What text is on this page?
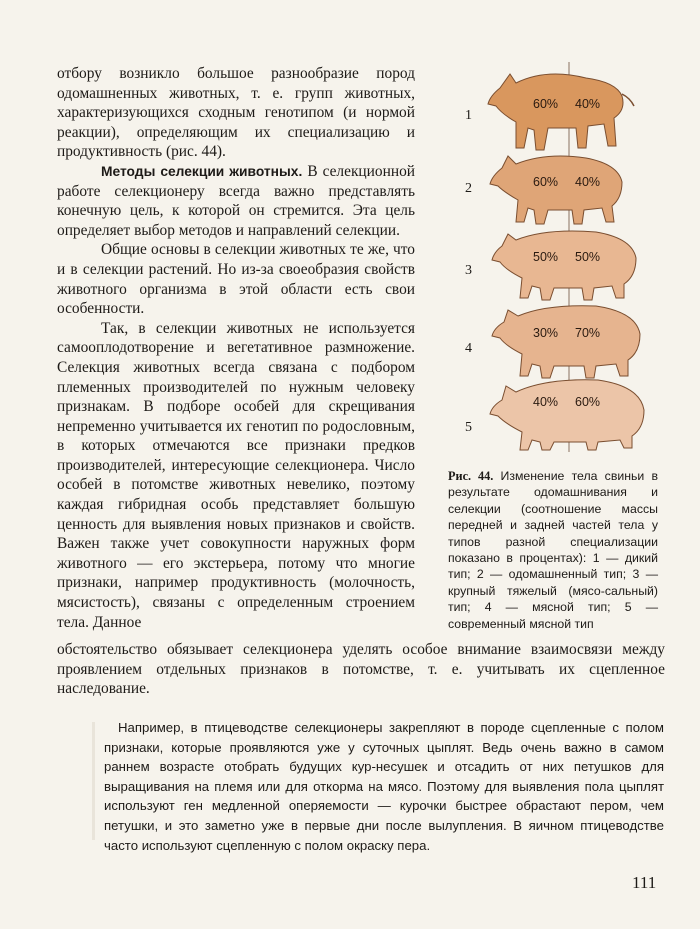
отбору возникло большое разнообразие пород одомашненных животных, т. е. групп животных, характеризующихся сходным генотипом (и нормой реакции), определяющим их специализацию и продуктивность (рис. 44).

Методы селекции животных. В селекционной работе селекционеру всегда важно представлять конечную цель, к которой он стремится. Эта цель определяет выбор методов и направлений селекции.

Общие основы в селекции животных те же, что и в селекции растений. Но из-за своеобразия свойств животного организма в этой области есть свои особенности.

Так, в селекции животных не используется самооплодотворение и вегетативное размножение. Селекция животных всегда связана с подбором племенных производителей по нужным человеку признакам. В подборе особей для скрещивания непременно учитывается их генотип по родословным, в которых отмечаются все признаки предков производителей, интересующие селекционера. Число особей в потомстве животных невелико, поэтому каждая гибридная особь представляет большую ценность для выявления новых признаков и свойств. Важен также учет совокупности наружных форм животного — его экстерьера, потому что многие признаки, например продуктивность (молочность, мясистость), связаны с определенным строением тела. Данное

60% 40%
60% 40%
50% 50%
30% 70%
40% 60%
1
2
3
4
5
Рис. 44. Изменение тела свиньи в результате одомашнивания и селекции (соотношение массы передней и задней частей тела у типов разной специализации показано в процентах): 1 — дикий тип; 2 — одомашненный тип; 3 — крупный тяжелый (мясо-сальный) тип; 4 — мясной тип; 5 — современный мясной тип

обстоятельство обязывает селекционера уделять особое внимание взаимосвязи между проявлением отдельных признаков в потомстве, т. е. учитывать их сцепленное наследование.

Например, в птицеводстве селекционеры закрепляют в породе сцепленные с полом признаки, которые проявляются уже у суточных цыплят. Ведь очень важно в самом раннем возрасте отобрать будущих кур-несушек и отсадить от них петушков для выращивания на племя или для откорма на мясо. Поэтому для выявления пола цыплят используют ген медленной оперяемости — курочки быстрее обрастают пером, чем петушки, и это заметно уже в первые дни после вылупления. В яичном птицеводстве часто используют сцепленную с полом окраску пера.

111
